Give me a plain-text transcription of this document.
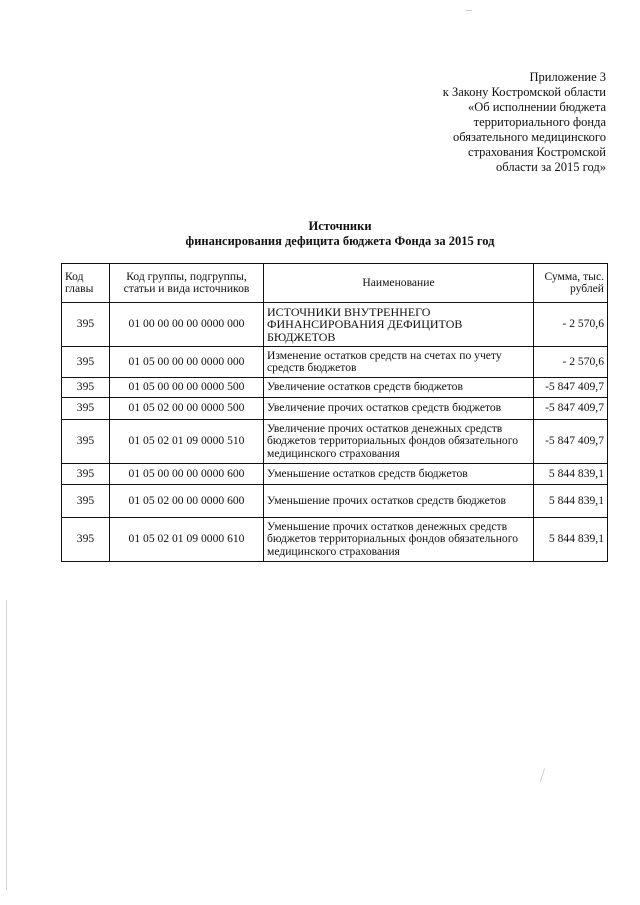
Приложение 3
к Закону Костромской области
«Об исполнении бюджета
территориального фонда
обязательного медицинского
страхования Костромской
области за 2015 год»
Источники
финансирования дефицита бюджета Фонда за 2015 год
Код главы	Код группы, подгруппы, статьи и вида источников	Наименование	Сумма, тыс. рублей
395	01 00 00 00 00 0000 000	ИСТОЧНИКИ ВНУТРЕННЕГО ФИНАНСИРОВАНИЯ ДЕФИЦИТОВ БЮДЖЕТОВ	- 2 570,6
395	01 05 00 00 00 0000 000	Изменение остатков средств на счетах по учету средств бюджетов	- 2 570,6
395	01 05 00 00 00 0000 500	Увеличение остатков средств бюджетов	-5 847 409,7
395	01 05 02 00 00 0000 500	Увеличение прочих остатков средств бюджетов	-5 847 409,7
395	01 05 02 01 09 0000 510	Увеличение прочих остатков денежных средств бюджетов территориальных фондов обязательного медицинского страхования	-5 847 409,7
395	01 05 00 00 00 0000 600	Уменьшение остатков средств бюджетов	5 844 839,1
395	01 05 02 00 00 0000 600	Уменьшение прочих остатков средств бюджетов	5 844 839,1
395	01 05 02 01 09 0000 610	Уменьшение прочих остатков денежных средств бюджетов территориальных фондов обязательного медицинского страхования	5 844 839,1
